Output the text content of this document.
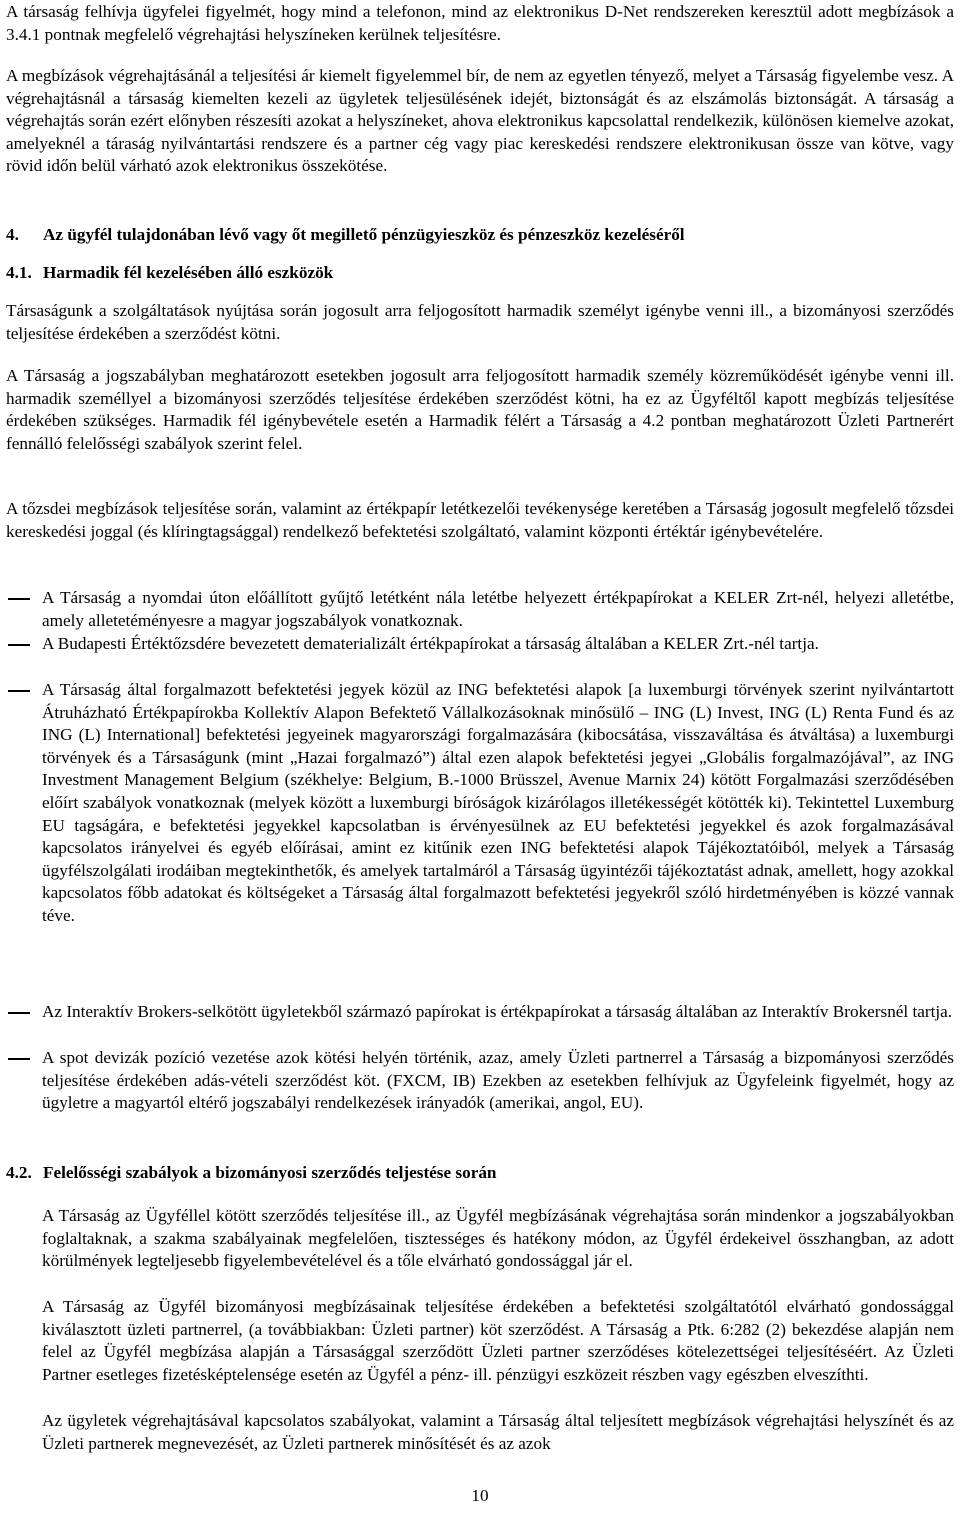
A társaság felhívja ügyfelei figyelmét, hogy mind a telefonon, mind az elektronikus D-Net rendszereken keresztül adott megbízások a 3.4.1 pontnak megfelelő végrehajtási helyszíneken kerülnek teljesítésre.

A megbízások végrehajtásánál a teljesítési ár kiemelt figyelemmel bír, de nem az egyetlen tényező, melyet a Társaság figyelembe vesz. A végrehajtásnál a társaság kiemelten kezeli az ügyletek teljesülésének idejét, biztonságát és az elszámolás biztonságát. A társaság a végrehajtás során ezért előnyben részesíti azokat a helyszíneket, ahova elektronikus kapcsolattal rendelkezik, különösen kiemelve azokat, amelyeknél a táraság nyilvántartási rendszere és a partner cég vagy piac kereskedési rendszere elektronikusan össze van kötve, vagy rövid időn belül várható azok elektronikus összekötése.

4. Az ügyfél tulajdonában lévő vagy őt megillető pénzügyieszköz és pénzeszköz kezeléséről
4.1. Harmadik fél kezelésében álló eszközök

Társaságunk a szolgáltatások nyújtása során jogosult arra feljogosított harmadik személyt igénybe venni ill., a bizományosi szerződés teljesítése érdekében a szerződést kötni.

A Társaság a jogszabályban meghatározott esetekben jogosult arra feljogosított harmadik személy közreműködését igénybe venni ill. harmadik személlyel a bizományosi szerződés teljesítése érdekében szerződést kötni, ha ez az Ügyféltől kapott megbízás teljesítése érdekében szükséges. Harmadik fél igénybevétele esetén a Harmadik félért a Társaság a 4.2 pontban meghatározott Üzleti Partnerért fennálló felelősségi szabályok szerint felel.

A tőzsdei megbízások teljesítése során, valamint az értékpapír letétkezelői tevékenysége keretében a Társaság jogosult megfelelő tőzsdei kereskedési joggal (és klíringtagsággal) rendelkező befektetési szolgáltató, valamint központi értéktár igénybevételére.

A Társaság a nyomdai úton előállított gyűjtő letétként nála letétbe helyezett értékpapírokat a KELER Zrt-nél, helyezi alletétbe, amely alletetéményesre a magyar jogszabályok vonatkoznak.

A Budapesti Értéktőzsdére bevezetett dematerializált értékpapírokat a társaság általában a KELER Zrt.-nél tartja.

A Társaság által forgalmazott befektetési jegyek közül az ING befektetési alapok [a luxemburgi törvények szerint nyilvántartott Átruházható Értékpapírokba Kollektív Alapon Befektető Vállalkozásoknak minősülő – ING (L) Invest, ING (L) Renta Fund és az ING (L) International] befektetési jegyeinek magyarországi forgalmazására (kibocsátása, visszaváltása és átváltása) a luxemburgi törvények és a Társaságunk (mint „Hazai forgalmazó”) által ezen alapok befektetési jegyei „Globális forgalmazójával”, az ING Investment Management Belgium (székhelye: Belgium, B.-1000 Brüsszel, Avenue Marnix 24) kötött Forgalmazási szerződésében előírt szabályok vonatkoznak (melyek között a luxemburgi bíróságok kizárólagos illetékességét kötötték ki). Tekintettel Luxemburg EU tagságára, e befektetési jegyekkel kapcsolatban is érvényesülnek az EU befektetési jegyekkel és azok forgalmazásával kapcsolatos irányelvei és egyéb előírásai, amint ez kitűnik ezen ING befektetési alapok Tájékoztatóiból, melyek a Társaság ügyfélszolgálati irodáiban megtekinthetők, és amelyek tartalmáról a Társaság ügyintézői tájékoztatást adnak, amellett, hogy azokkal kapcsolatos főbb adatokat és költségeket a Társaság által forgalmazott befektetési jegyekről szóló hirdetményében is közzé vannak téve.

Az Interaktív Brokers-selkötött ügyletekből származó papírokat is értékpapírokat a társaság általában az Interaktív Brokersnél tartja.

A spot devizák pozíció vezetése azok kötési helyén történik, azaz, amely Üzleti partnerrel a Társaság a bizpományosi szerződés teljesítése érdekében adás-vételi szerződést köt. (FXCM, IB) Ezekben az esetekben felhívjuk az Ügyfeleink figyelmét, hogy az ügyletre a magyartól eltérő jogszabályi rendelkezések irányadók (amerikai, angol, EU).

4.2. Felelősségi szabályok a bizományosi szerződés teljestése során

A Társaság az Ügyféllel kötött szerződés teljesítése ill., az Ügyfél megbízásának végrehajtása során mindenkor a jogszabályokban foglaltaknak, a szakma szabályainak megfelelően, tisztességes és hatékony módon, az Ügyfél érdekeivel összhangban, az adott körülmények legteljesebb figyelembevételével és a tőle elvárható gondossággal jár el.

A Társaság az Ügyfél bizományosi megbízásainak teljesítése érdekében a befektetési szolgáltatótól elvárható gondossággal kiválasztott üzleti partnerrel, (a továbbiakban: Üzleti partner) köt szerződést. A Társaság a Ptk. 6:282 (2) bekezdése alapján nem felel az Ügyfél megbízása alapján a Társasággal szerződött Üzleti partner szerződéses kötelezettségei teljesítéséért. Az Üzleti Partner esetleges fizetésképtelensége esetén az Ügyfél a pénz- ill. pénzügyi eszközeit részben vagy egészben elveszíthti.

Az ügyletek végrehajtásával kapcsolatos szabályokat, valamint a Társaság által teljesített megbízások végrehajtási helyszínét és az Üzleti partnerek megnevezését, az Üzleti partnerek minősítését és az azok

10
